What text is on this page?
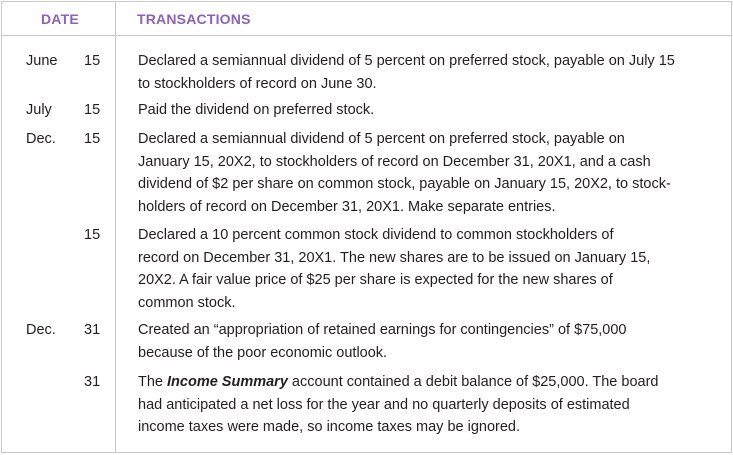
DATE	TRANSACTIONS
June 15	Declared a semiannual dividend of 5 percent on preferred stock, payable on July 15
to stockholders of record on June 30.
July 15	Paid the dividend on preferred stock.
Dec. 15	Declared a semiannual dividend of 5 percent on preferred stock, payable on
January 15, 20X2, to stockholders of record on December 31, 20X1, and a cash
dividend of $2 per share on common stock, payable on January 15, 20X2, to stock-
holders of record on December 31, 20X1. Make separate entries.
15	Declared a 10 percent common stock dividend to common stockholders of
record on December 31, 20X1. The new shares are to be issued on January 15,
20X2. A fair value price of $25 per share is expected for the new shares of
common stock.
Dec. 31	Created an “appropriation of retained earnings for contingencies” of $75,000
because of the poor economic outlook.
31	The Income Summary account contained a debit balance of $25,000. The board
had anticipated a net loss for the year and no quarterly deposits of estimated
income taxes were made, so income taxes may be ignored.
